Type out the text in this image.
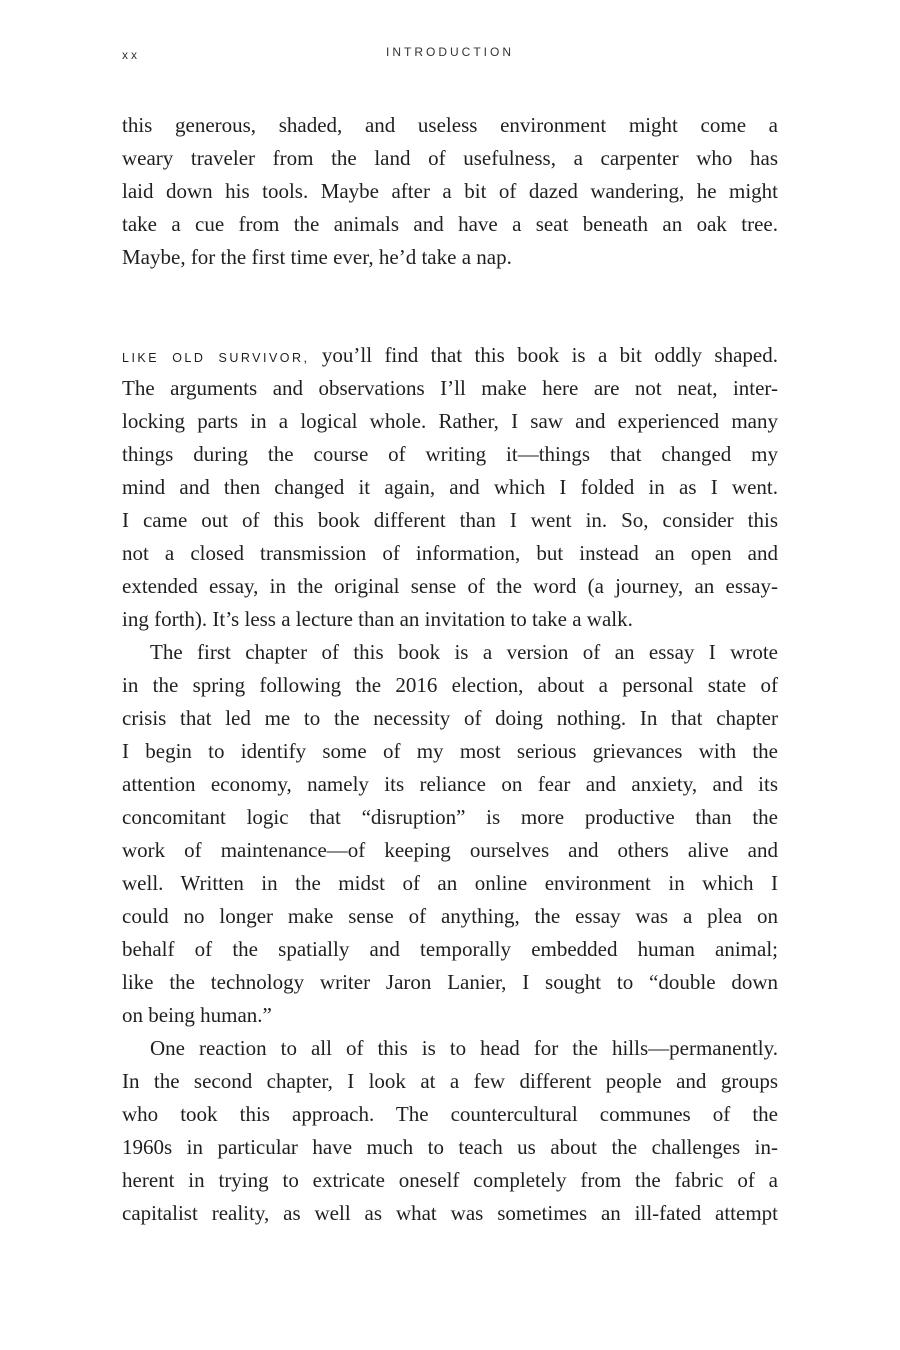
xx	INTRODUCTION
this generous, shaded, and useless environment might come a
weary traveler from the land of usefulness, a carpenter who has
laid down his tools. Maybe after a bit of dazed wandering, he might
take a cue from the animals and have a seat beneath an oak tree.
Maybe, for the first time ever, he’d take a nap.
LIKE OLD SURVIVOR, you’ll find that this book is a bit oddly shaped.
The arguments and observations I’ll make here are not neat, inter-
locking parts in a logical whole. Rather, I saw and experienced many
things during the course of writing it—things that changed my
mind and then changed it again, and which I folded in as I went.
I came out of this book different than I went in. So, consider this
not a closed transmission of information, but instead an open and
extended essay, in the original sense of the word (a journey, an essay-
ing forth). It’s less a lecture than an invitation to take a walk.
The first chapter of this book is a version of an essay I wrote
in the spring following the 2016 election, about a personal state of
crisis that led me to the necessity of doing nothing. In that chapter
I begin to identify some of my most serious grievances with the
attention economy, namely its reliance on fear and anxiety, and its
concomitant logic that “disruption” is more productive than the
work of maintenance—of keeping ourselves and others alive and
well. Written in the midst of an online environment in which I
could no longer make sense of anything, the essay was a plea on
behalf of the spatially and temporally embedded human animal;
like the technology writer Jaron Lanier, I sought to “double down
on being human.”
One reaction to all of this is to head for the hills—permanently.
In the second chapter, I look at a few different people and groups
who took this approach. The countercultural communes of the
1960s in particular have much to teach us about the challenges in-
herent in trying to extricate oneself completely from the fabric of a
capitalist reality, as well as what was sometimes an ill-fated attempt
